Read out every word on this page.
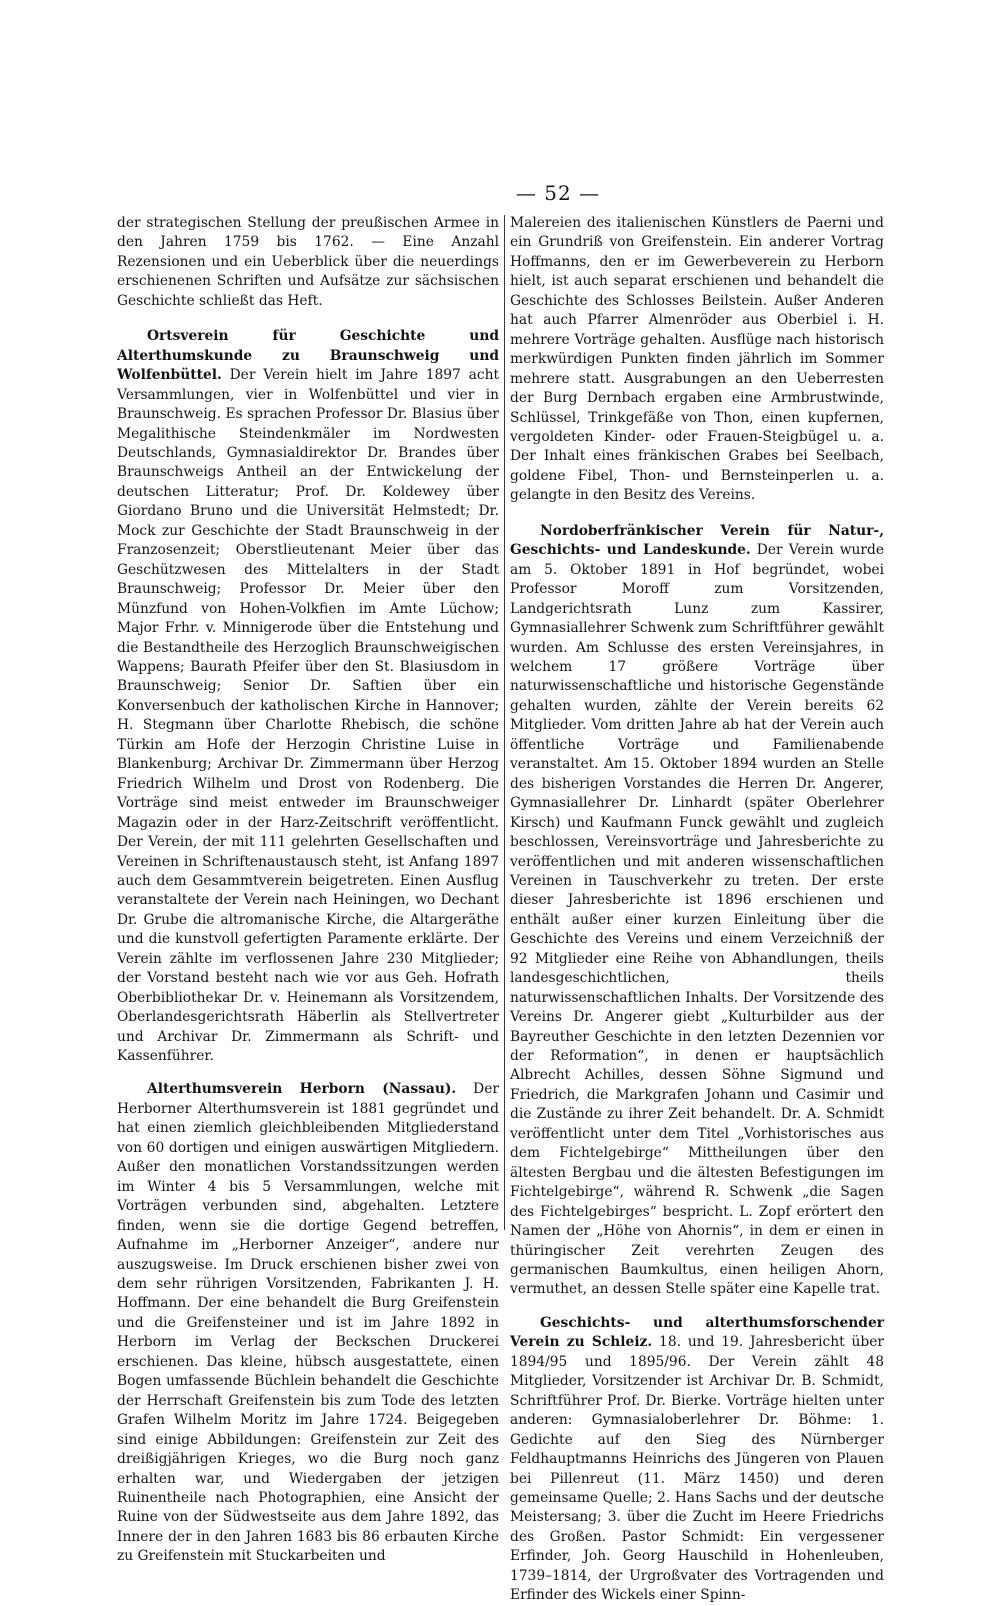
— 52 —

der strategischen Stellung der preußischen Armee in den Jahren 1759 bis 1762. — Eine Anzahl Rezensionen und ein Ueberblick über die neuerdings erschienenen Schriften und Aufsätze zur sächsischen Geschichte schließt das Heft.

Ortsverein für Geschichte und Alterthumskunde zu Braunschweig und Wolfenbüttel. Der Verein hielt im Jahre 1897 acht Versammlungen, vier in Wolfenbüttel und vier in Braunschweig. Es sprachen Professor Dr. Blasius über Megalithische Steindenkmäler im Nordwesten Deutschlands, Gymnasialdirektor Dr. Brandes über Braunschweigs Antheil an der Entwickelung der deutschen Litteratur; Prof. Dr. Koldewey über Giordano Bruno und die Universität Helmstedt; Dr. Mock zur Geschichte der Stadt Braunschweig in der Franzosenzeit; Oberstlieutenant Meier über das Geschützwesen des Mittelalters in der Stadt Braunschweig; Professor Dr. Meier über den Münzfund von Hohen-Volkfien im Amte Lüchow; Major Frhr. v. Minnigerode über die Entstehung und die Bestandtheile des Herzoglich Braunschweigischen Wappens; Baurath Pfeifer über den St. Blasiusdom in Braunschweig; Senior Dr. Saftien über ein Konversenbuch der katholischen Kirche in Hannover; H. Stegmann über Charlotte Rhebisch, die schöne Türkin am Hofe der Herzogin Christine Luise in Blankenburg; Archivar Dr. Zimmermann über Herzog Friedrich Wilhelm und Drost von Rodenberg. Die Vorträge sind meist entweder im Braunschweiger Magazin oder in der Harz-Zeitschrift veröffentlicht. Der Verein, der mit 111 gelehrten Gesellschaften und Vereinen in Schriftenaustausch steht, ist Anfang 1897 auch dem Gesammtverein beigetreten. Einen Ausflug veranstaltete der Verein nach Heiningen, wo Dechant Dr. Grube die altromanische Kirche, die Altargeräthe und die kunstvoll gefertigten Paramente erklärte. Der Verein zählte im verflossenen Jahre 230 Mitglieder; der Vorstand besteht nach wie vor aus Geh. Hofrath Oberbibliothekar Dr. v. Heinemann als Vorsitzendem, Oberlandesgerichtsrath Häberlin als Stellvertreter und Archivar Dr. Zimmermann als Schrift- und Kassenführer.

Alterthumsverein Herborn (Nassau). Der Herborner Alterthumsverein ist 1881 gegründet und hat einen ziemlich gleichbleibenden Mitgliederstand von 60 dortigen und einigen auswärtigen Mitgliedern. Außer den monatlichen Vorstandssitzungen werden im Winter 4 bis 5 Versammlungen, welche mit Vorträgen verbunden sind, abgehalten. Letztere finden, wenn sie die dortige Gegend betreffen, Aufnahme im „Herborner Anzeiger“, andere nur auszugsweise. Im Druck erschienen bisher zwei von dem sehr rührigen Vorsitzenden, Fabrikanten J. H. Hoffmann. Der eine behandelt die Burg Greifenstein und die Greifensteiner und ist im Jahre 1892 in Herborn im Verlag der Beckschen Druckerei erschienen. Das kleine, hübsch ausgestattete, einen Bogen umfassende Büchlein behandelt die Geschichte der Herrschaft Greifenstein bis zum Tode des letzten Grafen Wilhelm Moritz im Jahre 1724. Beigegeben sind einige Abbildungen: Greifenstein zur Zeit des dreißigjährigen Krieges, wo die Burg noch ganz erhalten war, und Wiedergaben der jetzigen Ruinentheile nach Photographien, eine Ansicht der Ruine von der Südwestseite aus dem Jahre 1892, das Innere der in den Jahren 1683 bis 86 erbauten Kirche zu Greifenstein mit Stuckarbeiten und

Malereien des italienischen Künstlers de Paerni und ein Grundriß von Greifenstein. Ein anderer Vortrag Hoffmanns, den er im Gewerbeverein zu Herborn hielt, ist auch separat erschienen und behandelt die Geschichte des Schlosses Beilstein. Außer Anderen hat auch Pfarrer Almenröder aus Oberbiel i. H. mehrere Vorträge gehalten. Ausflüge nach historisch merkwürdigen Punkten finden jährlich im Sommer mehrere statt. Ausgrabungen an den Ueberresten der Burg Dernbach ergaben eine Armbrustwinde, Schlüssel, Trinkgefäße von Thon, einen kupfernen, vergoldeten Kinder- oder Frauen-Steigbügel u. a. Der Inhalt eines fränkischen Grabes bei Seelbach, goldene Fibel, Thon- und Bernsteinperlen u. a. gelangte in den Besitz des Vereins.

Nordoberfränkischer Verein für Natur-, Geschichts- und Landeskunde. Der Verein wurde am 5. Oktober 1891 in Hof begründet, wobei Professor Moroff zum Vorsitzenden, Landgerichtsrath Lunz zum Kassirer, Gymnasiallehrer Schwenk zum Schriftführer gewählt wurden. Am Schlusse des ersten Vereinsjahres, in welchem 17 größere Vorträge über naturwissenschaftliche und historische Gegenstände gehalten wurden, zählte der Verein bereits 62 Mitglieder. Vom dritten Jahre ab hat der Verein auch öffentliche Vorträge und Familienabende veranstaltet. Am 15. Oktober 1894 wurden an Stelle des bisherigen Vorstandes die Herren Dr. Angerer, Gymnasiallehrer Dr. Linhardt (später Oberlehrer Kirsch) und Kaufmann Funck gewählt und zugleich beschlossen, Vereinsvorträge und Jahresberichte zu veröffentlichen und mit anderen wissenschaftlichen Vereinen in Tauschverkehr zu treten. Der erste dieser Jahresberichte ist 1896 erschienen und enthält außer einer kurzen Einleitung über die Geschichte des Vereins und einem Verzeichniß der 92 Mitglieder eine Reihe von Abhandlungen, theils landesgeschichtlichen, theils naturwissenschaftlichen Inhalts. Der Vorsitzende des Vereins Dr. Angerer giebt „Kulturbilder aus der Bayreuther Geschichte in den letzten Dezennien vor der Reformation“, in denen er hauptsächlich Albrecht Achilles, dessen Söhne Sigmund und Friedrich, die Markgrafen Johann und Casimir und die Zustände zu ihrer Zeit behandelt. Dr. A. Schmidt veröffentlicht unter dem Titel „Vorhistorisches aus dem Fichtelgebirge“ Mittheilungen über den ältesten Bergbau und die ältesten Befestigungen im Fichtelgebirge“, während R. Schwenk „die Sagen des Fichtelgebirges“ bespricht. L. Zopf erörtert den Namen der „Höhe von Ahornis“, in dem er einen in thüringischer Zeit verehrten Zeugen des germanischen Baumkultus, einen heiligen Ahorn, vermuthet, an dessen Stelle später eine Kapelle trat.

Geschichts- und alterthumsforschender Verein zu Schleiz. 18. und 19. Jahresbericht über 1894/95 und 1895/96. Der Verein zählt 48 Mitglieder, Vorsitzender ist Archivar Dr. B. Schmidt, Schriftführer Prof. Dr. Bierke. Vorträge hielten unter anderen: Gymnasialoberlehrer Dr. Böhme: 1. Gedichte auf den Sieg des Nürnberger Feldhauptmanns Heinrichs des Jüngeren von Plauen bei Pillenreut (11. März 1450) und deren gemeinsame Quelle; 2. Hans Sachs und der deutsche Meistersang; 3. über die Zucht im Heere Friedrichs des Großen. Pastor Schmidt: Ein vergessener Erfinder, Joh. Georg Hauschild in Hohenleuben, 1739–1814, der Urgroßvater des Vortragenden und Erfinder des Wickels einer Spinn-
